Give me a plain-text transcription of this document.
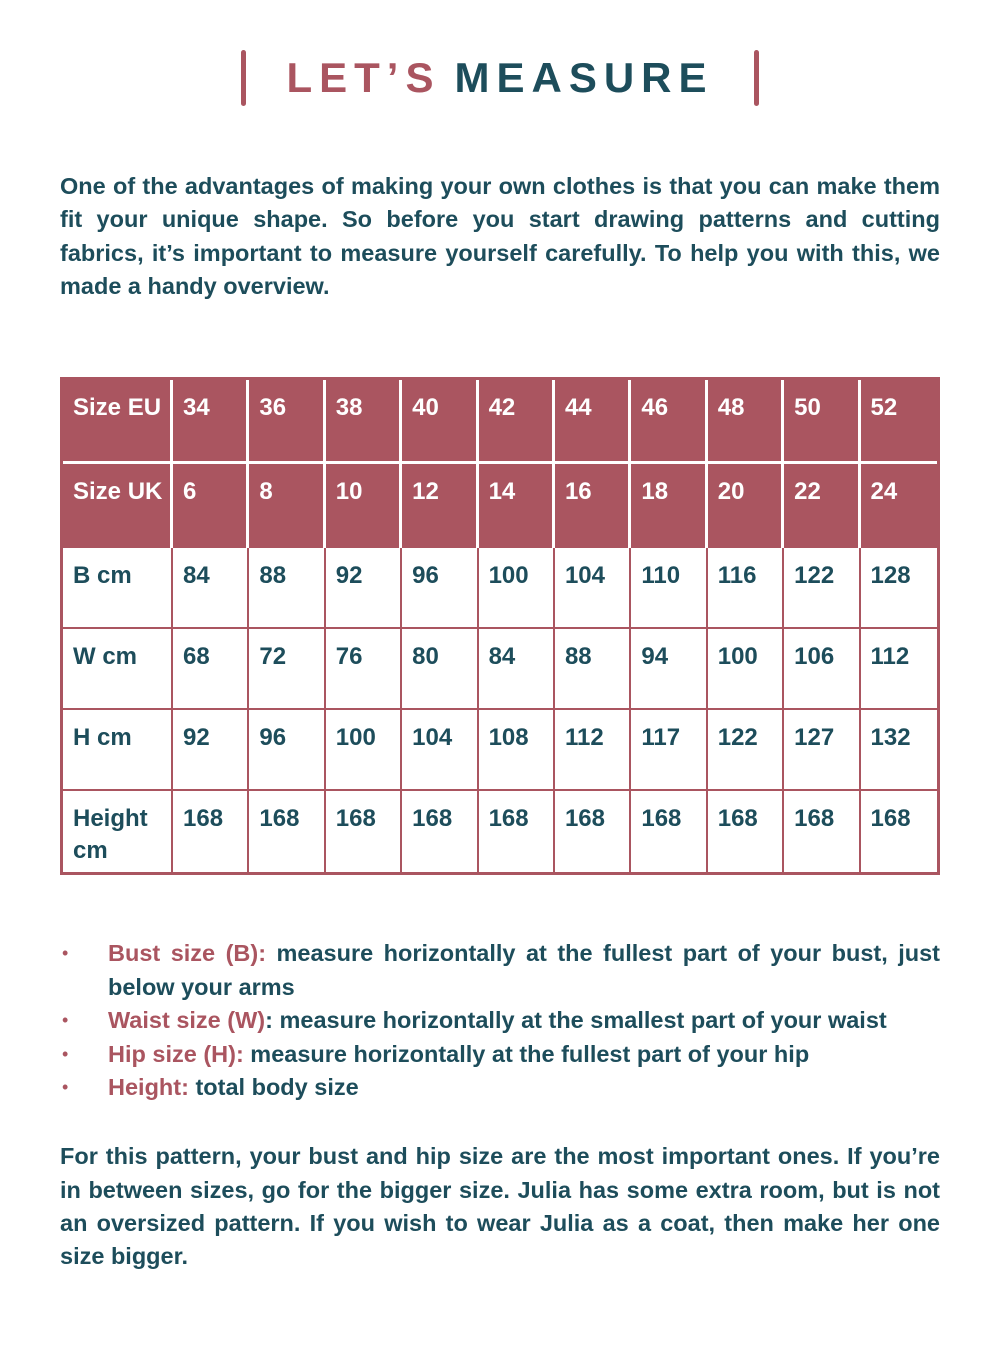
LET’S MEASURE

One of the advantages of making your own clothes is that you can make them fit your unique shape. So before you start drawing patterns and cutting fabrics, it’s important to measure yourself carefully. To help you with this, we made a handy overview.

Size EU	34	36	38	40	42	44	46	48	50	52
Size UK	6	8	10	12	14	16	18	20	22	24
B cm	84	88	92	96	100	104	110	116	122	128
W cm	68	72	76	80	84	88	94	100	106	112
H cm	92	96	100	104	108	112	117	122	127	132
Height cm	168	168	168	168	168	168	168	168	168	168
•	Bust size (B): measure horizontally at the fullest part of your bust, just below your arms
•	Waist size (W): measure horizontally at the smallest part of your waist
•	Hip size (H): measure horizontally at the fullest part of your hip
•	Height: total body size

For this pattern, your bust and hip size are the most important ones. If you’re in between sizes, go for the bigger size. Julia has some extra room, but is not an oversized pattern. If you wish to wear Julia as a coat, then make her one size bigger.
